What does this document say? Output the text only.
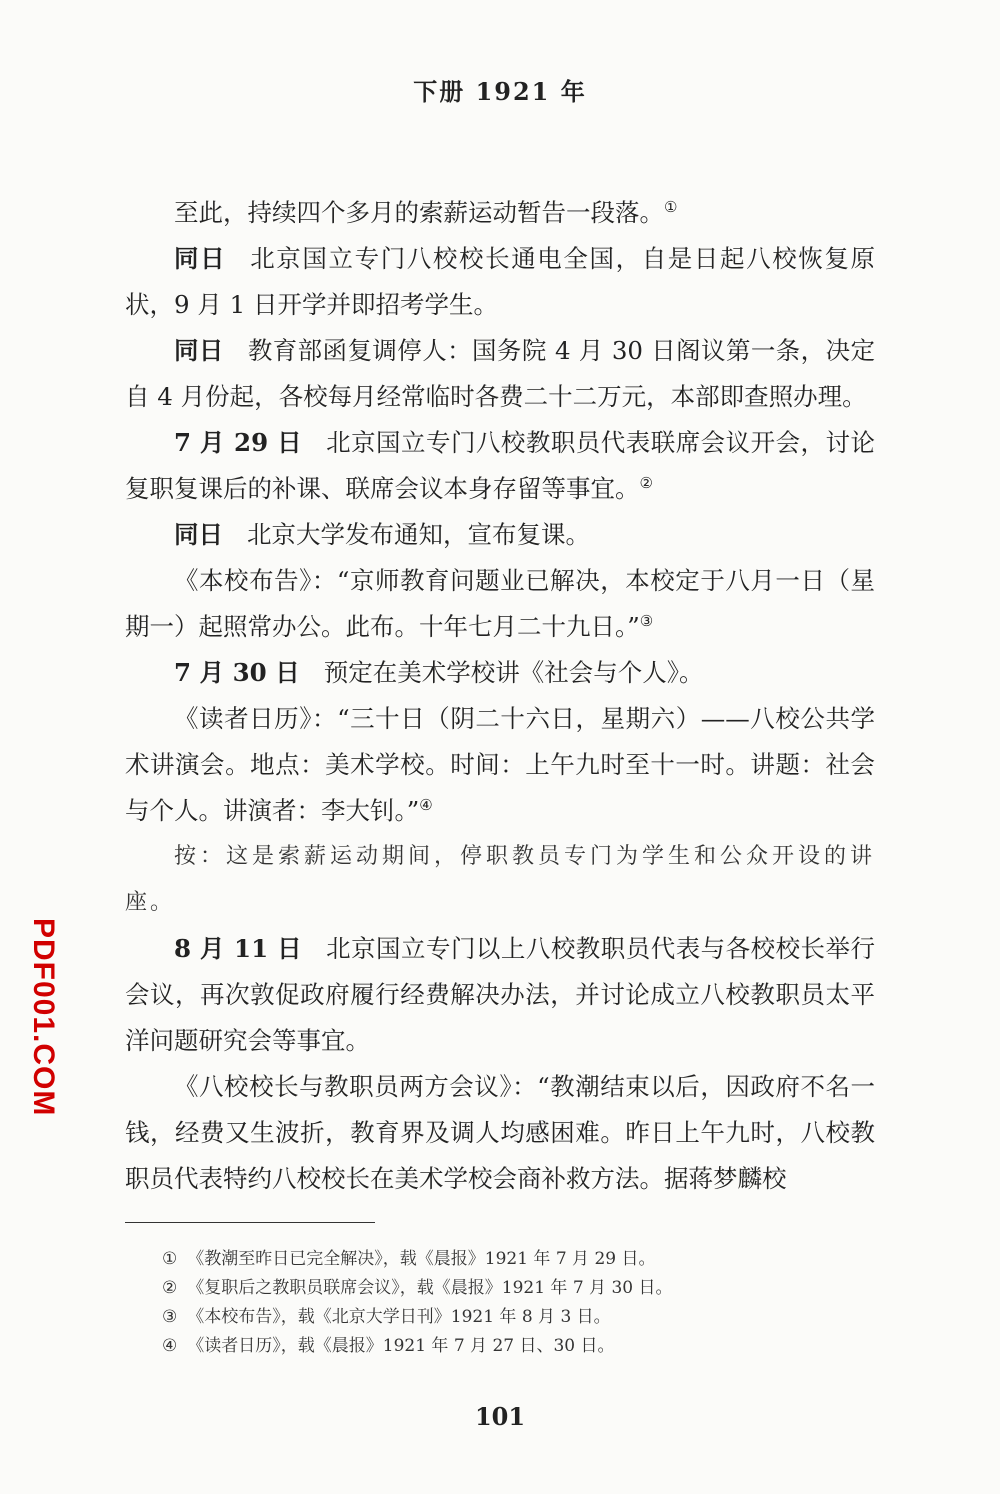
下册 1921 年

至此，持续四个多月的索薪运动暂告一段落。①

同日 北京国立专门八校校长通电全国，自是日起八校恢复原状，9 月 1 日开学并即招考学生。

同日 教育部函复调停人：国务院 4 月 30 日阁议第一条，决定自 4 月份起，各校每月经常临时各费二十二万元，本部即查照办理。

7 月 29 日 北京国立专门八校教职员代表联席会议开会，讨论复职复课后的补课、联席会议本身存留等事宜。②

同日 北京大学发布通知，宣布复课。

《本校布告》：“京师教育问题业已解决，本校定于八月一日（星期一）起照常办公。此布。十年七月二十九日。”③

7 月 30 日 预定在美术学校讲《社会与个人》。

《读者日历》：“三十日（阴二十六日，星期六）——八校公共学术讲演会。地点：美术学校。时间：上午九时至十一时。讲题：社会与个人。讲演者：李大钊。”④

按：这是索薪运动期间，停职教员专门为学生和公众开设的讲座。

8 月 11 日 北京国立专门以上八校教职员代表与各校校长举行会议，再次敦促政府履行经费解决办法，并讨论成立八校教职员太平洋问题研究会等事宜。

《八校校长与教职员两方会议》：“教潮结束以后，因政府不名一钱，经费又生波折，教育界及调人均感困难。昨日上午九时，八校教职员代表特约八校校长在美术学校会商补救方法。据蒋梦麟校

① 《教潮至昨日已完全解决》，载《晨报》1921 年 7 月 29 日。
② 《复职后之教职员联席会议》，载《晨报》1921 年 7 月 30 日。
③ 《本校布告》，载《北京大学日刊》1921 年 8 月 3 日。
④ 《读者日历》，载《晨报》1921 年 7 月 27 日、30 日。
101
PDF001.COM
